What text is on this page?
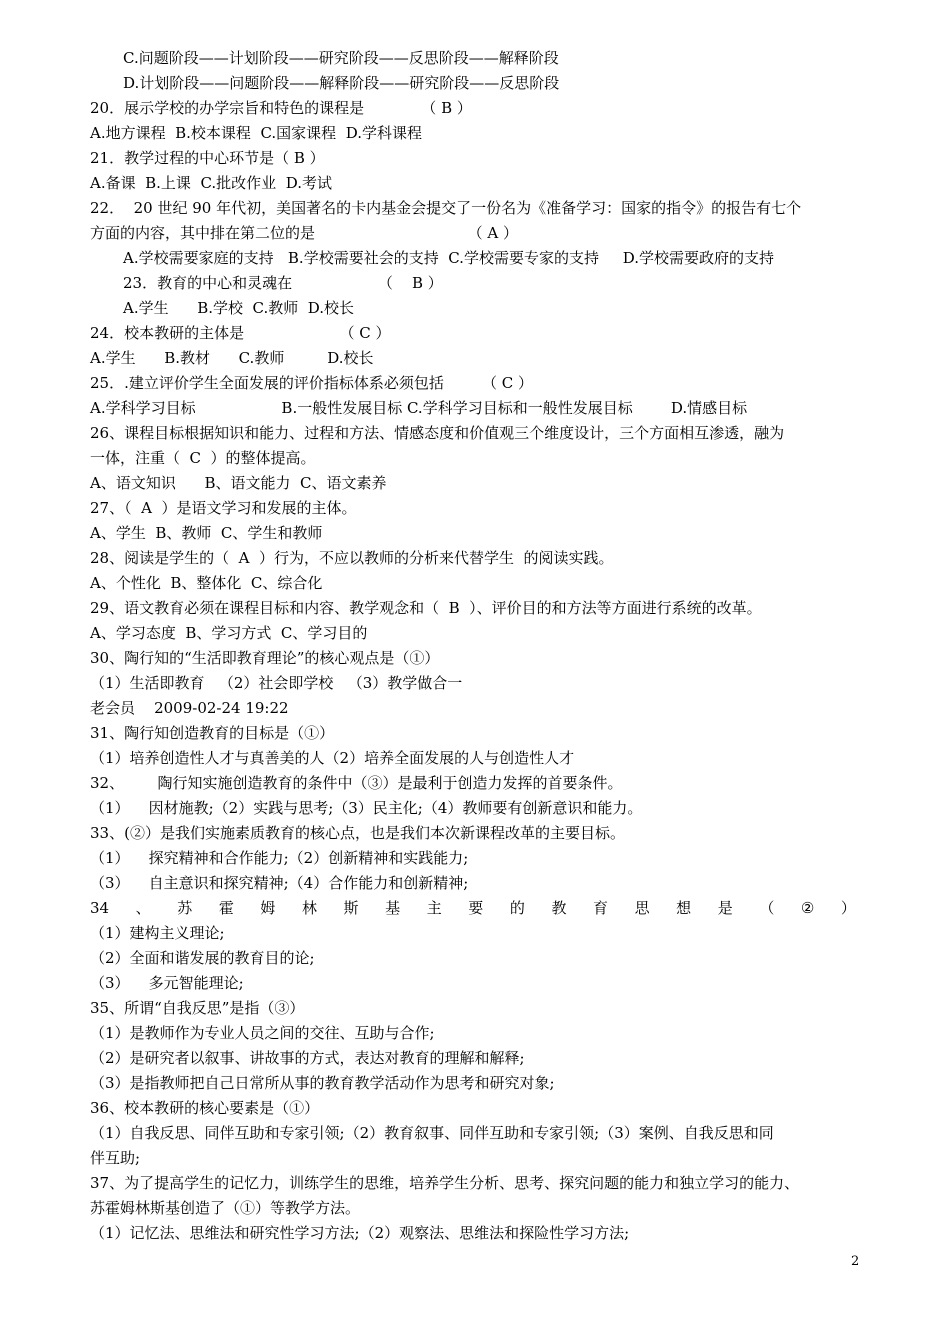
C.问题阶段——计划阶段——研究阶段——反思阶段——解释阶段

D.计划阶段——问题阶段——解释阶段——研究阶段——反思阶段

20．展示学校的办学宗旨和特色的课程是            （ B ）

A.地方课程  B.校本课程  C.国家课程  D.学科课程

21．教学过程的中心环节是（ B ）

A.备课  B.上课  C.批改作业  D.考试

22．  20 世纪 90 年代初，美国著名的卡内基金会提交了一份名为《准备学习：国家的指令》的报告有七个

方面的内容，其中排在第二位的是                                （ A ）

A.学校需要家庭的支持   B.学校需要社会的支持  C.学校需要专家的支持     D.学校需要政府的支持

23．教育的中心和灵魂在                  （    B ）

A.学生      B.学校  C.教师  D.校长

24．校本教研的主体是                    （ C ）

A.学生      B.教材      C.教师         D.校长

25．.建立评价学生全面发展的评价指标体系必须包括        （ C ）

A.学科学习目标                  B.一般性发展目标 C.学科学习目标和一般性发展目标        D.情感目标

26、课程目标根据知识和能力、过程和方法、情感态度和价值观三个维度设计，三个方面相互渗透，融为

一体，注重（  C  ）的整体提高。

A、语文知识      B、语文能力  C、语文素养

27、（  A  ）是语文学习和发展的主体。

A、学生  B、教师  C、学生和教师

28、阅读是学生的（  A  ）行为，不应以教师的分析来代替学生  的阅读实践。

A、个性化  B、整体化  C、综合化

29、语文教育必须在课程目标和内容、教学观念和（  B  ）、评价目的和方法等方面进行系统的改革。

A、学习态度  B、学习方式  C、学习目的

30、陶行知的“生活即教育理论”的核心观点是（①）

（1）生活即教育   （2）社会即学校   （3）教学做合一

老会员    2009-02-24 19:22

31、陶行知创造教育的目标是（①）

（1）培养创造性人才与真善美的人（2）培养全面发展的人与创造性人才

32、       陶行知实施创造教育的条件中（③）是最利于创造力发挥的首要条件。

（1）    因材施教;（2）实践与思考;（3）民主化;（4）教师要有创新意识和能力。

33、(②）是我们实施素质教育的核心点，也是我们本次新课程改革的主要目标。

（1）    探究精神和合作能力;（2）创新精神和实践能力;

（3）    自主意识和探究精神;（4）合作能力和创新精神;

34 、 苏 霍 姆 林 斯 基 主 要 的 教 育 思 想 是 （ ② ）

（1）建构主义理论;

（2）全面和谐发展的教育目的论;

（3）    多元智能理论;

35、所谓“自我反思”是指（③）

（1）是教师作为专业人员之间的交往、互助与合作;

（2）是研究者以叙事、讲故事的方式，表达对教育的理解和解释;

（3）是指教师把自己日常所从事的教育教学活动作为思考和研究对象;

36、校本教研的核心要素是（①）

（1）自我反思、同伴互助和专家引领;（2）教育叙事、同伴互助和专家引领;（3）案例、自我反思和同

伴互助;

37、为了提高学生的记忆力，训练学生的思维，培养学生分析、思考、探究问题的能力和独立学习的能力、

苏霍姆林斯基创造了（①）等教学方法。

（1）记忆法、思维法和研究性学习方法;（2）观察法、思维法和探险性学习方法;

2
